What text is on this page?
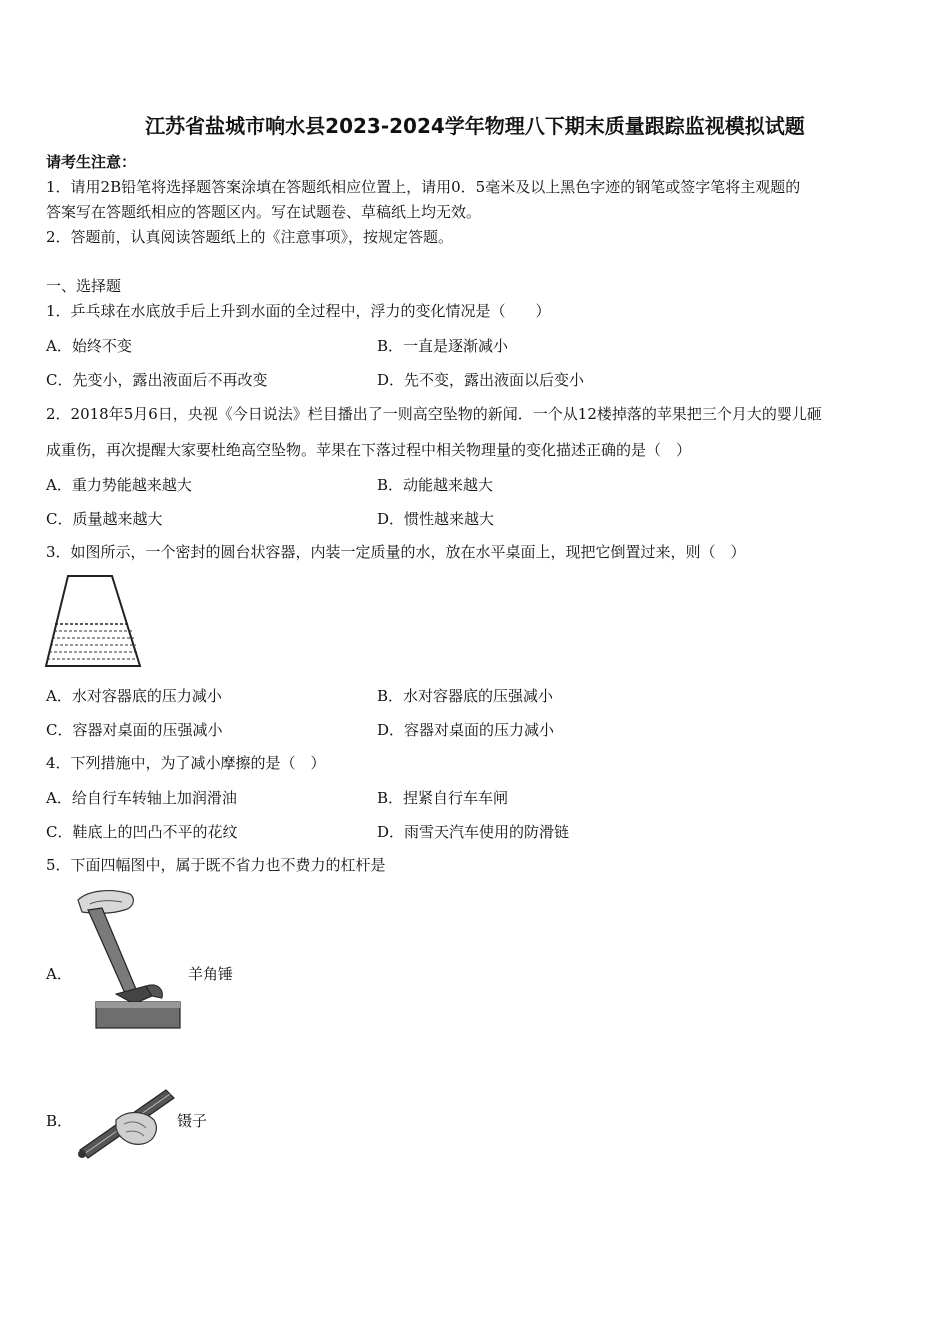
江苏省盐城市响水县2023-2024学年物理八下期末质量跟踪监视模拟试题
请考生注意：
1．请用2B铅笔将选择题答案涂填在答题纸相应位置上，请用0．5毫米及以上黑色字迹的钢笔或签字笔将主观题的
答案写在答题纸相应的答题区内。写在试题卷、草稿纸上均无效。
2．答题前，认真阅读答题纸上的《注意事项》，按规定答题。
一、选择题
1．乒乓球在水底放手后上升到水面的全过程中，浮力的变化情况是（　　）
A．始终不变	B．一直是逐渐减小
C．先变小，露出液面后不再改变	D．先不变，露出液面以后变小
2．2018年5月6日，央视《今日说法》栏目播出了一则高空坠物的新闻．一个从12楼掉落的苹果把三个月大的婴儿砸
成重伤，再次提醒大家要杜绝高空坠物。苹果在下落过程中相关物理量的变化描述正确的是（　）
A．重力势能越来越大	B．动能越来越大
C．质量越来越大	D．惯性越来越大
3．如图所示，一个密封的圆台状容器，内装一定质量的水，放在水平桌面上，现把它倒置过来，则（　）
A．水对容器底的压力减小	B．水对容器底的压强减小
C．容器对桌面的压强减小	D．容器对桌面的压力减小
4．下列措施中，为了减小摩擦的是（　）
A．给自行车转轴上加润滑油	B．捏紧自行车车闸
C．鞋底上的凹凸不平的花纹	D．雨雪天汽车使用的防滑链
5．下面四幅图中，属于既不省力也不费力的杠杆是
A．	羊角锤
B．	镊子
